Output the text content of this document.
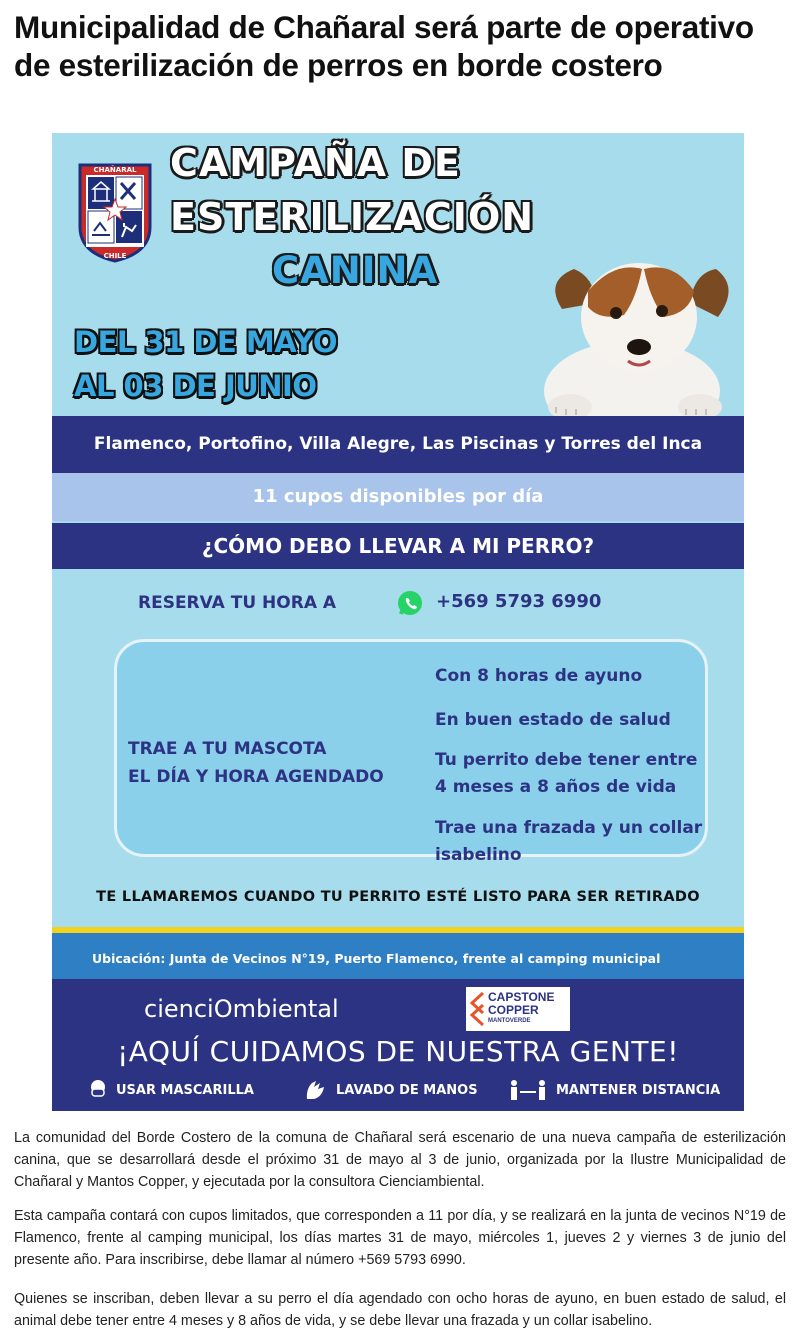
Municipalidad de Chañaral será parte de operativo de esterilización de perros en borde costero
CHAÑARAL
CHILE
CAMPAÑA DE
ESTERILIZACIÓN
CANINA
DEL 31 DE MAYO
AL 03 DE JUNIO
Flamenco, Portofino, Villa Alegre, Las Piscinas y Torres del Inca
11 cupos disponibles por día
¿CÓMO DEBO LLEVAR A MI PERRO?
RESERVA TU HORA A	+569 5793 6990
TRAE A TU MASCOTA
EL DÍA Y HORA AGENDADO
Con 8 horas de ayuno
En buen estado de salud
Tu perrito debe tener entre 4 meses a 8 años de vida
Trae una frazada y un collar isabelino
TE LLAMAREMOS CUANDO TU PERRITO ESTÉ LISTO PARA SER RETIRADO
Ubicación: Junta de Vecinos N°19, Puerto Flamenco, frente al camping municipal
cienciOmbiental	CAPSTONE
COPPER
MANTOVERDE
¡AQUÍ CUIDAMOS DE NUESTRA GENTE!
USAR MASCARILLA	LAVADO DE MANOS	MANTENER DISTANCIA

La comunidad del Borde Costero de la comuna de Chañaral será escenario de una nueva campaña de esterilización canina, que se desarrollará desde el próximo 31 de mayo al 3 de junio, organizada por la Ilustre Municipalidad de Chañaral y Mantos Copper, y ejecutada por la consultora Cienciambiental.

Esta campaña contará con cupos limitados, que corresponden a 11 por día, y se realizará en la junta de vecinos N°19 de Flamenco, frente al camping municipal, los días martes 31 de mayo, miércoles 1, jueves 2 y viernes 3 de junio del presente año. Para inscribirse, debe llamar al número +569 5793 6990.

Quienes se inscriban, deben llevar a su perro el día agendado con ocho horas de ayuno, en buen estado de salud, el animal debe tener entre 4 meses y 8 años de vida, y se debe llevar una frazada y un collar isabelino.
